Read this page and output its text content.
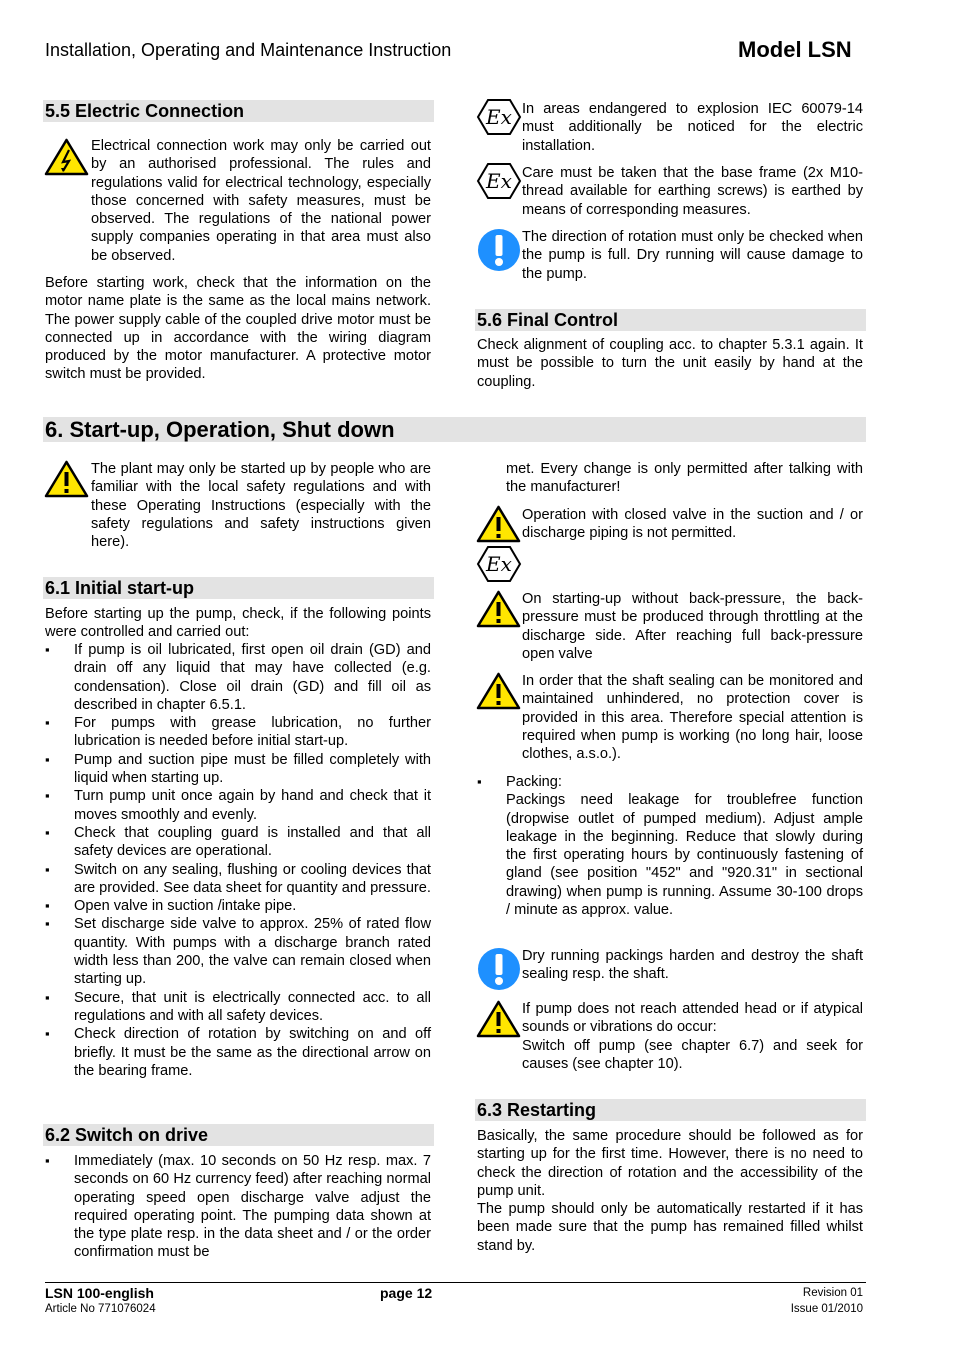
Installation, Operating and Maintenance Instruction	Model LSN
5.5 Electric Connection
Electrical connection work may only be carried out by an authorised professional. The rules and regulations valid for electrical technology, especially those concerned with safety measures, must be observed. The regulations of the national power supply companies operating in that area must also be observed.
Before starting work, check that the information on the motor name plate is the same as the local mains network. The power supply cable of the coupled drive motor must be connected up in accordance with the wiring diagram produced by the motor manufacturer. A protective motor switch must be provided.
Ex In areas endangered to explosion IEC 60079-14 must additionally be noticed for the electric installation.
Ex Care must be taken that the base frame (2x M10-thread available for earthing screws) is earthed by means of corresponding measures.
The direction of rotation must only be checked when the pump is full. Dry running will cause damage to the pump.
5.6 Final Control
Check alignment of coupling acc. to chapter 5.3.1 again. It must be possible to turn the unit easily by hand at the coupling.
6. Start-up, Operation, Shut down
The plant may only be started up by people who are familiar with the local safety regulations and with these Operating Instructions (especially with the safety regulations and safety instructions given here).
6.1 Initial start-up
Before starting up the pump, check, if the following points were controlled and carried out:
▪ If pump is oil lubricated, first open oil drain (GD) and drain off any liquid that may have collected (e.g. condensation). Close oil drain (GD) and fill oil as described in chapter 6.5.1.
▪ For pumps with grease lubrication, no further lubrication is needed before initial start-up.
▪ Pump and suction pipe must be filled completely with liquid when starting up.
▪ Turn pump unit once again by hand and check that it moves smoothly and evenly.
▪ Check that coupling guard is installed and that all safety devices are operational.
▪ Switch on any sealing, flushing or cooling devices that are provided. See data sheet for quantity and pressure.
▪ Open valve in suction /intake pipe.
▪ Set discharge side valve to approx. 25% of rated flow quantity. With pumps with a discharge branch rated width less than 200, the valve can remain closed when starting up.
▪ Secure, that unit is electrically connected acc. to all regulations and with all safety devices.
▪ Check direction of rotation by switching on and off briefly. It must be the same as the directional arrow on the bearing frame.
6.2 Switch on drive
▪ Immediately (max. 10 seconds on 50 Hz resp. max. 7 seconds on 60 Hz currency feed) after reaching normal operating speed open discharge valve adjust the required operating point. The pumping data shown at the type plate resp. in the data sheet and / or the order confirmation must be
met. Every change is only permitted after talking with the manufacturer!
Ex
Operation with closed valve in the suction and / or discharge piping is not permitted.
On starting-up without back-pressure, the back-pressure must be produced through throttling at the discharge side. After reaching full back-pressure open valve
In order that the shaft sealing can be monitored and maintained unhindered, no protection cover is provided in this area. Therefore special attention is required when pump is working (no long hair, loose clothes, a.s.o.).
▪ Packing:
Packings need leakage for troublefree function (dropwise outlet of pumped medium). Adjust ample leakage in the beginning. Reduce that slowly during the first operating hours by continuously fastening of gland (see position "452" and "920.31" in sectional drawing) when pump is running. Assume 30-100 drops / minute as approx. value.
Dry running packings harden and destroy the shaft sealing resp. the shaft.

If pump does not reach attended head or if atypical sounds or vibrations do occur:

Switch off pump (see chapter 6.7) and seek for causes (see chapter 10).

6.3 Restarting

Basically, the same procedure should be followed as for starting up for the first time. However, there is no need to check the direction of rotation and the accessibility of the pump unit.

The pump should only be automatically restarted if it has been made sure that the pump has remained filled whilst stand by.

LSN 100-english
Article No 771076024
page 12	Revision 01
Issue 01/2010
